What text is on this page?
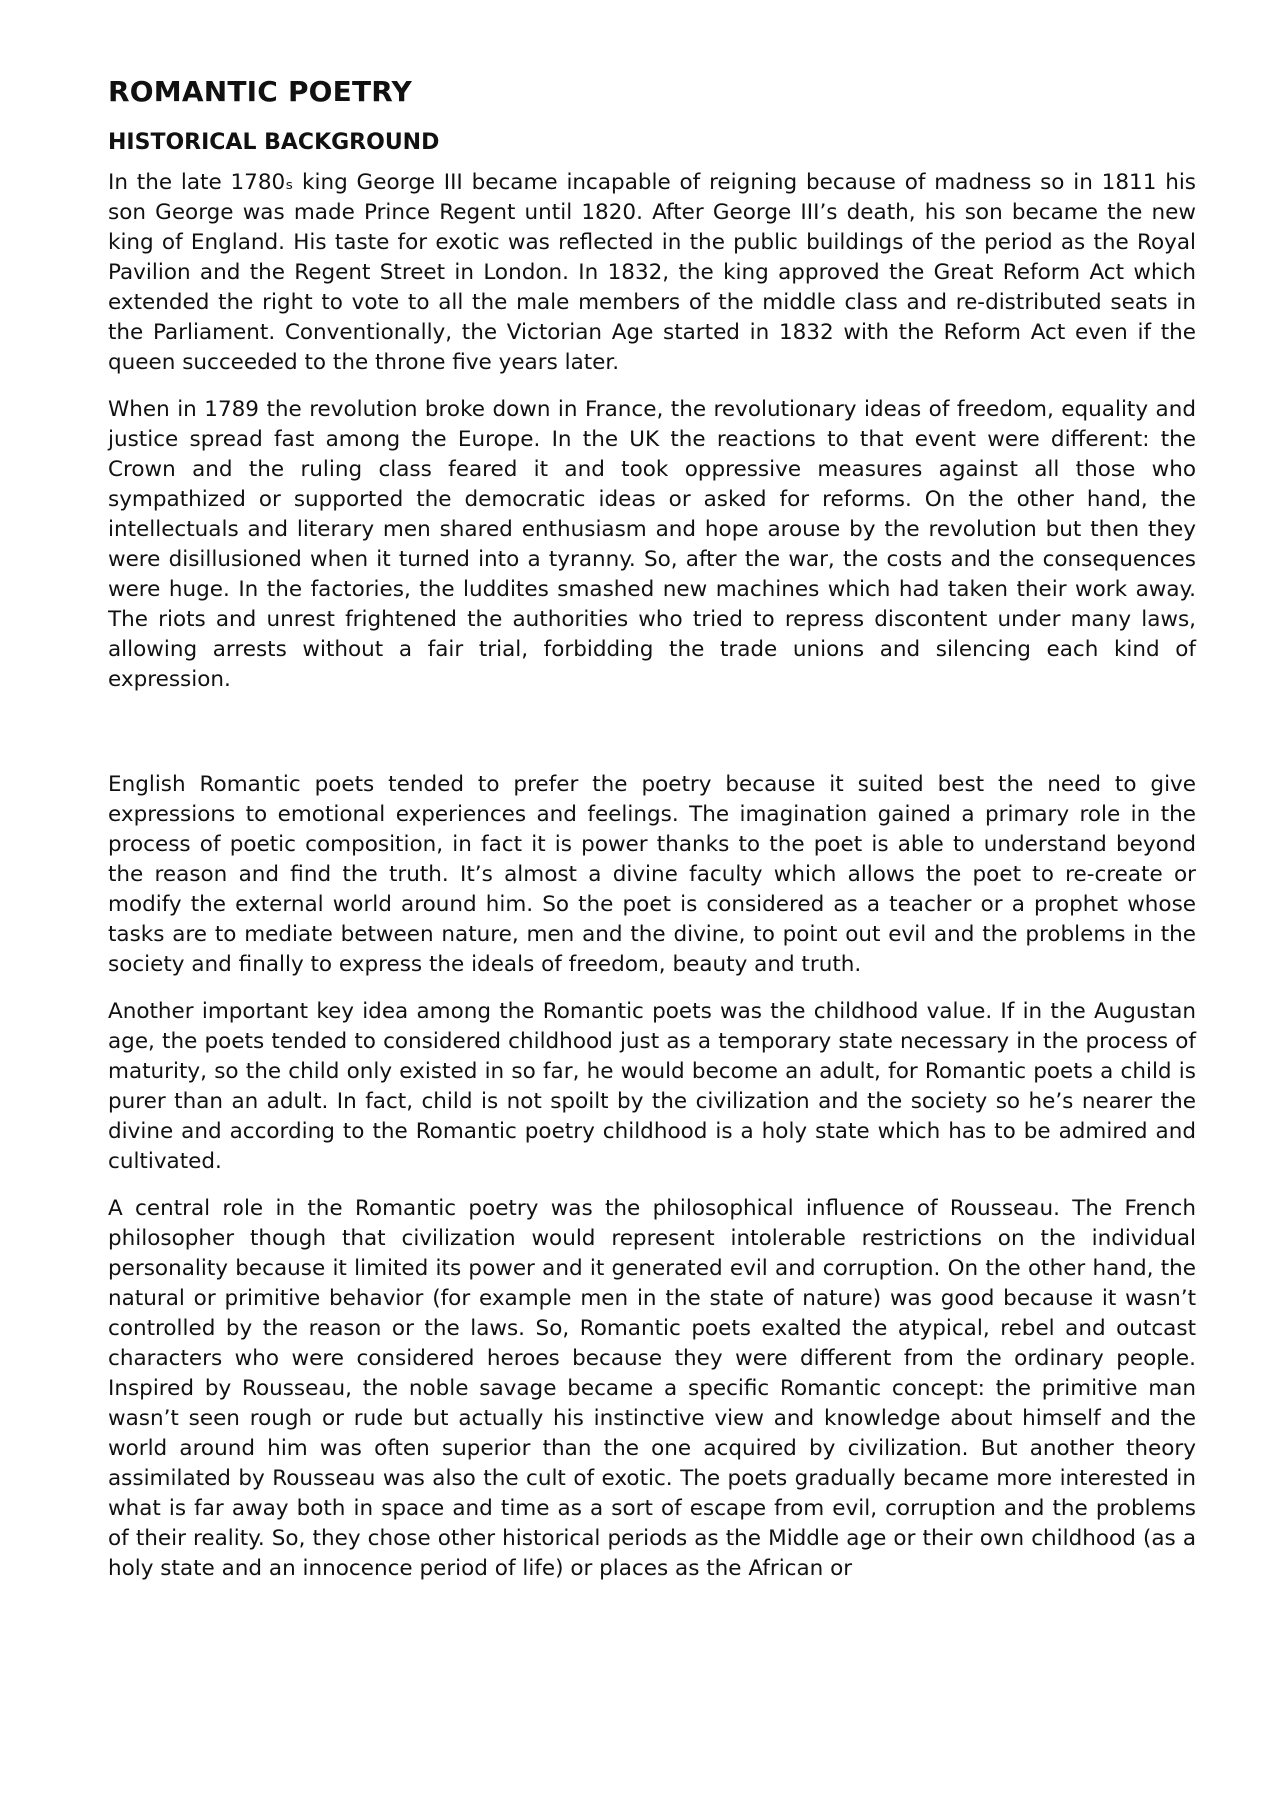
ROMANTIC POETRY
HISTORICAL BACKGROUND

In the late 1780ₛ king George III became incapable of reigning because of madness so in 1811 his son George was made Prince Regent until 1820. After George III’s death, his son became the new king of England. His taste for exotic was reflected in the public buildings of the period as the Royal Pavilion and the Regent Street in London. In 1832, the king approved the Great Reform Act which extended the right to vote to all the male members of the middle class and re-distributed seats in the Parliament. Conventionally, the Victorian Age started in 1832 with the Reform Act even if the queen succeeded to the throne five years later.

When in 1789 the revolution broke down in France, the revolutionary ideas of freedom, equality and justice spread fast among the Europe. In the UK the reactions to that event were different: the Crown and the ruling class feared it and took oppressive measures against all those who sympathized or supported the democratic ideas or asked for reforms. On the other hand, the intellectuals and literary men shared enthusiasm and hope arouse by the revolution but then they were disillusioned when it turned into a tyranny. So, after the war, the costs and the consequences were huge. In the factories, the luddites smashed new machines which had taken their work away. The riots and unrest frightened the authorities who tried to repress discontent under many laws, allowing arrests without a fair trial, forbidding the trade unions and silencing each kind of expression.

English Romantic poets tended to prefer the poetry because it suited best the need to give expressions to emotional experiences and feelings. The imagination gained a primary role in the process of poetic composition, in fact it is power thanks to the poet is able to understand beyond the reason and find the truth. It’s almost a divine faculty which allows the poet to re-create or modify the external world around him. So the poet is considered as a teacher or a prophet whose tasks are to mediate between nature, men and the divine, to point out evil and the problems in the society and finally to express the ideals of freedom, beauty and truth.

Another important key idea among the Romantic poets was the childhood value. If in the Augustan age, the poets tended to considered childhood just as a temporary state necessary in the process of maturity, so the child only existed in so far, he would become an adult, for Romantic poets a child is purer than an adult. In fact, child is not spoilt by the civilization and the society so he’s nearer the divine and according to the Romantic poetry childhood is a holy state which has to be admired and cultivated.

A central role in the Romantic poetry was the philosophical influence of Rousseau. The French philosopher though that civilization would represent intolerable restrictions on the individual personality because it limited its power and it generated evil and corruption. On the other hand, the natural or primitive behavior (for example men in the state of nature) was good because it wasn’t controlled by the reason or the laws. So, Romantic poets exalted the atypical, rebel and outcast characters who were considered heroes because they were different from the ordinary people. Inspired by Rousseau, the noble savage became a specific Romantic concept: the primitive man wasn’t seen rough or rude but actually his instinctive view and knowledge about himself and the world around him was often superior than the one acquired by civilization. But another theory assimilated by Rousseau was also the cult of exotic. The poets gradually became more interested in what is far away both in space and time as a sort of escape from evil, corruption and the problems of their reality. So, they chose other historical periods as the Middle age or their own childhood (as a holy state and an innocence period of life) or places as the African or
